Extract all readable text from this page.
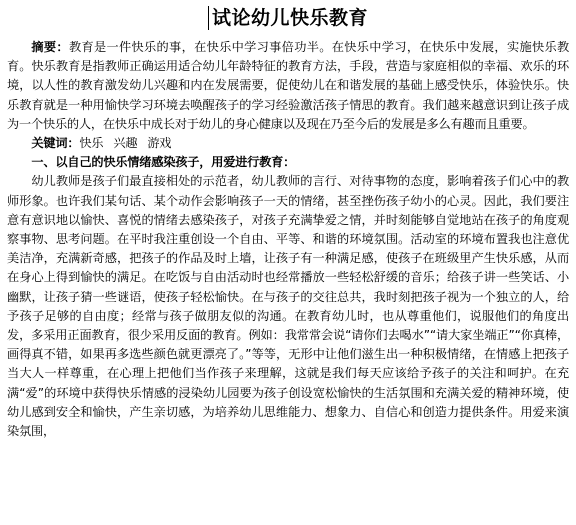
试论幼儿快乐教育

摘要：教育是一件快乐的事，在快乐中学习事倍功半。在快乐中学习，在快乐中发展，实施快乐教育。快乐教育是指教师正确运用适合幼儿年龄特征的教育方法，手段，营造与家庭相似的幸福、欢乐的环境，以人性的教育激发幼儿兴趣和内在发展需要，促使幼儿在和谐发展的基础上感受快乐，体验快乐。快乐教育就是一种用愉快学习环境去唤醒孩子的学习经验激活孩子情思的教育。我们越来越意识到让孩子成为一个快乐的人，在快乐中成长对于幼儿的身心健康以及现在乃至今后的发展是多么有趣而且重要。

关键词：快乐 兴趣 游戏

一、以自己的快乐情绪感染孩子，用爱进行教育：

幼儿教师是孩子们最直接相处的示范者，幼儿教师的言行、对待事物的态度，影响着孩子们心中的教师形象。也许我们某句话、某个动作会影响孩子一天的情绪，甚至挫伤孩子幼小的心灵。因此，我们要注意有意识地以愉快、喜悦的情绪去感染孩子，对孩子充满挚爱之情，并时刻能够自觉地站在孩子的角度观察事物、思考问题。在平时我注重创设一个自由、平等、和谐的环境氛围。活动室的环境布置我也注意优美洁净，充满新奇感，把孩子的作品及时上墙，让孩子有一种满足感，使孩子在班级里产生快乐感，从而在身心上得到愉快的满足。在吃饭与自由活动时也经常播放一些轻松舒缓的音乐；给孩子讲一些笑话、小幽默，让孩子猜一些谜语，使孩子轻松愉快。在与孩子的交往总共，我时刻把孩子视为一个独立的人，给予孩子足够的自由度；经常与孩子做朋友似的沟通。在教育幼儿时，也从尊重他们，说服他们的角度出发，多采用正面教育，很少采用反面的教育。例如：我常常会说“请你们去喝水”“请大家坐端正”“你真棒，画得真不错，如果再多选些颜色就更漂亮了。”等等，无形中让他们滋生出一种积极情绪，在情感上把孩子当大人一样尊重，在心理上把他们当作孩子来理解，这就是我们每天应该给予孩子的关注和呵护。在充满“爱”的环境中获得快乐情感的浸染幼儿园要为孩子创设宽松愉快的生活氛围和充满关爱的精神环境，使幼儿感到安全和愉快，产生亲切感，为培养幼儿思维能力、想象力、自信心和创造力提供条件。用爱来演染氛围，
